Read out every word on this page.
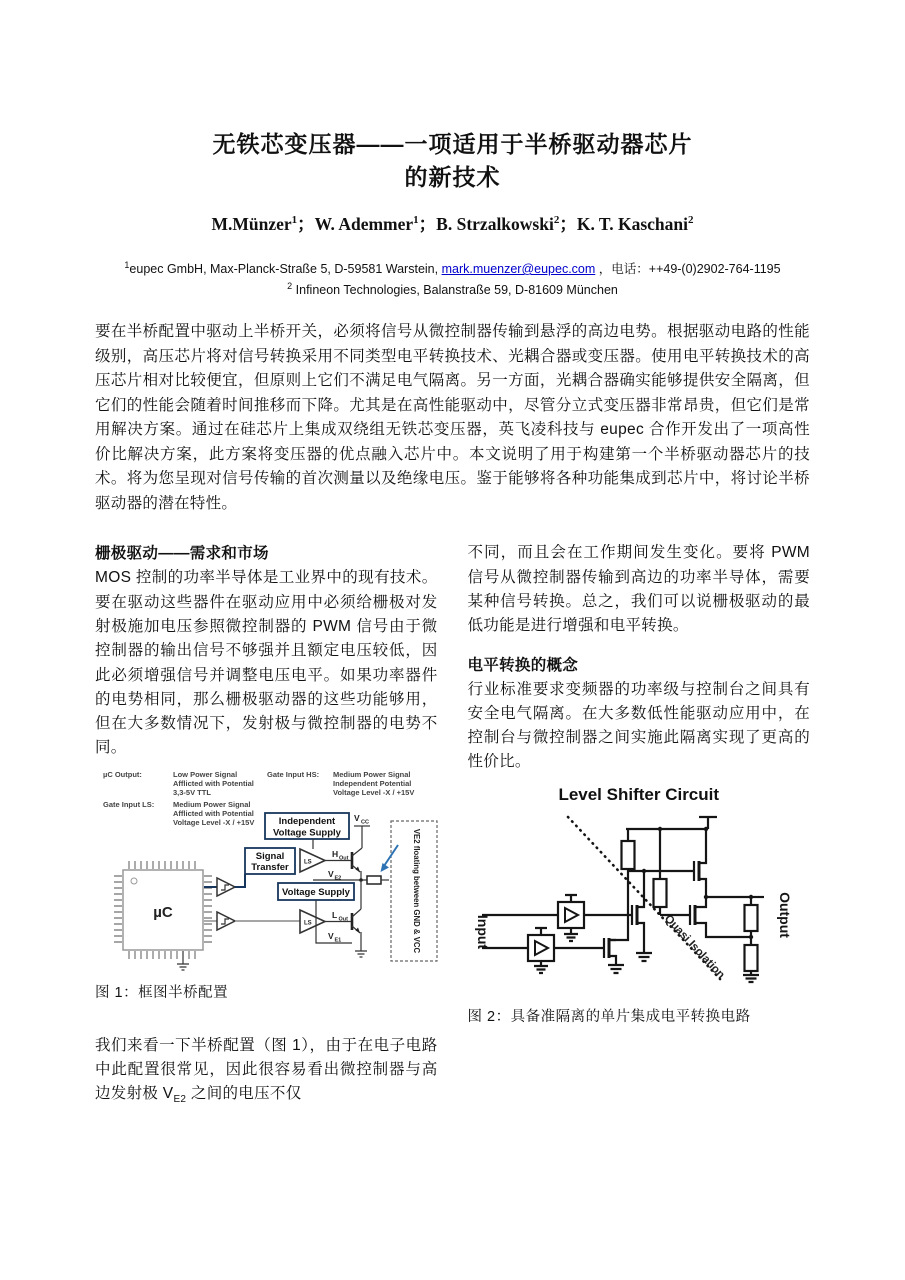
无铁芯变压器——一项适用于半桥驱动器芯片
的新技术
M.Münzer$^1$；W. Ademmer$^1$；B. Strzalkowski$^2$；K. T. Kaschani$^2$
$^1$eupec GmbH, Max-Planck-Straße 5, D-59581 Warstein, mark.muenzer@eupec.com ，电话：++49-(0)2902-764-1195
$^2$ Infineon Technologies, Balanstraße 59, D-81609 München

要在半桥配置中驱动上半桥开关，必须将信号从微控制器传输到悬浮的高边电势。根据驱动电路的性能级别，高压芯片将对信号转换采用不同类型电平转换技术、光耦合器或变压器。使用电平转换技术的高压芯片相对比较便宜，但原则上它们不满足电气隔离。另一方面，光耦合器确实能够提供安全隔离，但它们的性能会随着时间推移而下降。尤其是在高性能驱动中，尽管分立式变压器非常昂贵，但它们是常用解决方案。通过在硅芯片上集成双绕组无铁芯变压器，英飞凌科技与 eupec 合作开发出了一项高性价比解决方案，此方案将变压器的优点融入芯片中。本文说明了用于构建第一个半桥驱动器芯片的技术。将为您呈现对信号传输的首次测量以及绝缘电压。鉴于能够将各种功能集成到芯片中，将讨论半桥驱动器的潜在特性。

栅极驱动——需求和市场

MOS 控制的功率半导体是工业界中的现有技术。要在驱动这些器件在驱动应用中必须给栅极对发射极施加电压参照微控制器的 PWM 信号由于微控制器的输出信号不够强并且额定电压较低，因此必须增强信号并调整电压电平。如果功率器件的电势相同，那么栅极驱动器的这些功能够用，但在大多数情况下，发射极与微控制器的电势不同。

µC Output:	Low Power Signal
Afflicted with Potential
3,3-5V TTL
Gate Input HS: Medium Power Signal
Independent Potential
Voltage Level -X / +15V
Gate Input LS:	Medium Power Signal
Afflicted with Potential
Voltage Level -X / +15V
µC
Independent
Voltage Supply
Signal
Transfer
Voltage Supply
LS
H Out
LS
L Out
V CC
V E2
V E1	VE2 floating between GND & VCC
图 1：框图半桥配置

我们来看一下半桥配置（图 1），由于在电子电路中此配置很常见，因此很容易看出微控制器与高边发射极 $V_{E2}$ 之间的电压不仅

不同，而且会在工作期间发生变化。要将 PWM 信号从微控制器传输到高边的功率半导体，需要某种信号转换。总之，我们可以说栅极驱动的最低功能是进行增强和电平转换。

电平转换的概念

行业标准要求变频器的功率级与控制台之间具有安全电气隔离。在大多数低性能驱动应用中，在控制台与微控制器之间实施此隔离实现了更高的性价比。

Level Shifter Circuit
Quasi Isolation
Input	Output
图 2：具备准隔离的单片集成电平转换电路
